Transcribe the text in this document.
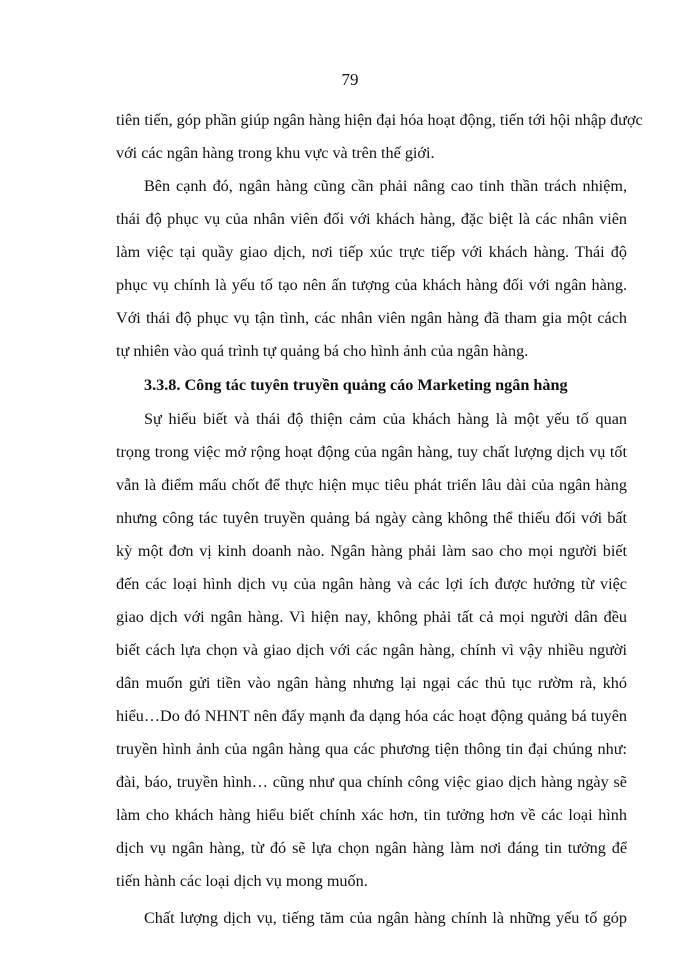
79
tiên tiến, góp phần giúp ngân hàng hiện đại hóa hoạt động, tiến tới hội nhập được
với các ngân hàng trong khu vực và trên thế giới.
Bên cạnh đó, ngân hàng cũng cần phải nâng cao tinh thần trách nhiệm,
thái độ phục vụ của nhân viên đối với khách hàng, đặc biệt là các nhân viên
làm việc tại quầy giao dịch, nơi tiếp xúc trực tiếp với khách hàng. Thái độ
phục vụ chính là yếu tố tạo nên ấn tượng của khách hàng đối với ngân hàng.
Với thái độ phục vụ tận tình, các nhân viên ngân hàng đã tham gia một cách
tự nhiên vào quá trình tự quảng bá cho hình ảnh của ngân hàng.
3.3.8. Công tác tuyên truyền quảng cáo Marketing ngân hàng
Sự hiểu biết và thái độ thiện cảm của khách hàng là một yếu tố quan
trọng trong việc mở rộng hoạt động của ngân hàng, tuy chất lượng dịch vụ tốt
vẫn là điểm mấu chốt để thực hiện mục tiêu phát triển lâu dài của ngân hàng
nhưng công tác tuyên truyền quảng bá ngày càng không thể thiếu đối với bất
kỳ một đơn vị kinh doanh nào. Ngân hàng phải làm sao cho mọi người biết
đến các loại hình dịch vụ của ngân hàng và các lợi ích được hưởng từ việc
giao dịch với ngân hàng. Vì hiện nay, không phải tất cả mọi người dân đều
biết cách lựa chọn và giao dịch với các ngân hàng, chính vì vậy nhiều người
dân muốn gửi tiền vào ngân hàng nhưng lại ngại các thủ tục rườm rà, khó
hiểu…Do đó NHNT nên đẩy mạnh đa dạng hóa các hoạt động quảng bá tuyên
truyền hình ảnh của ngân hàng qua các phương tiện thông tin đại chúng như:
đài, báo, truyền hình… cũng như qua chính công việc giao dịch hàng ngày sẽ
làm cho khách hàng hiểu biết chính xác hơn, tin tưởng hơn về các loại hình
dịch vụ ngân hàng, từ đó sẽ lựa chọn ngân hàng làm nơi đáng tin tưởng để
tiến hành các loại dịch vụ mong muốn.
Chất lượng dịch vụ, tiếng tăm của ngân hàng chính là những yếu tố góp
